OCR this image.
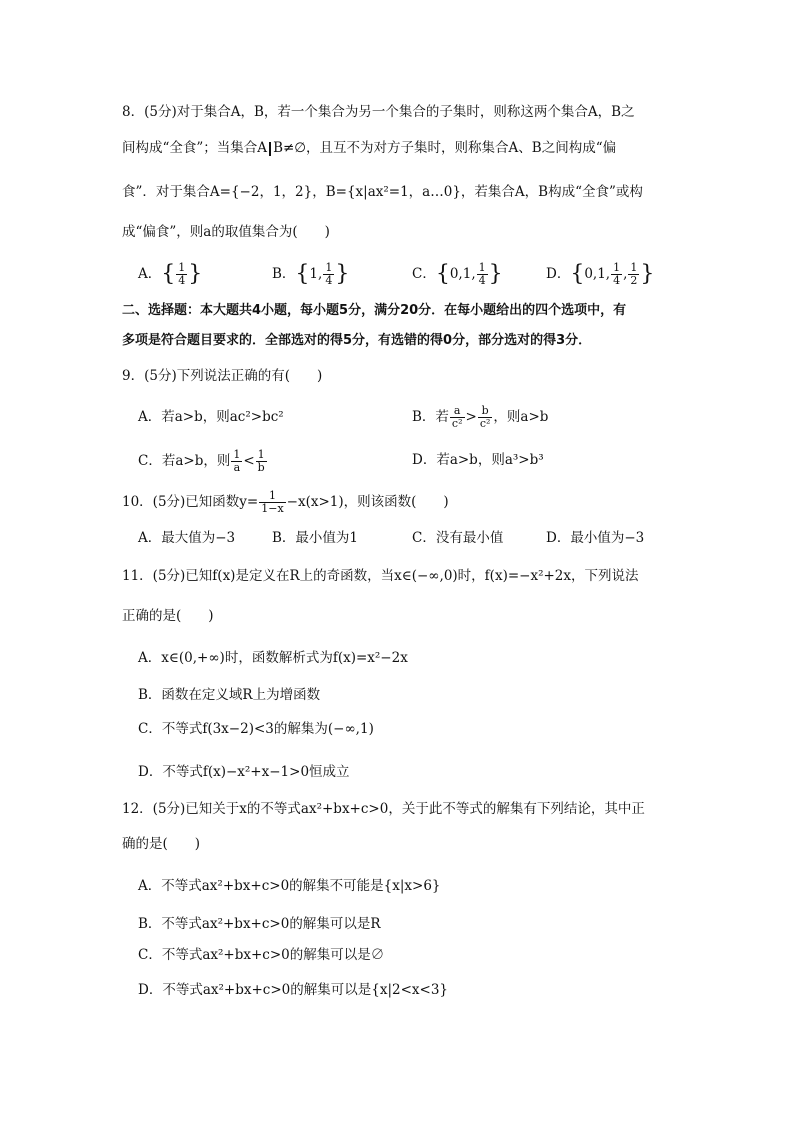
8．(5分)对于集合A，B，若一个集合为另一个集合的子集时，则称这两个集合A，B之
间构成“全食”；当集合A B≠∅，且互不为对方子集时，则称集合A、B之间构成“偏
食”．对于集合A={−2，1，2}，B={x|ax²=1，a…0}，若集合A，B构成“全食”或构
成“偏食”，则a的取值集合为(　　)
A．{ $\frac{1}{4}$ }	B．{1, $\frac{1}{4}$ }	C．{0,1, $\frac{1}{4}$ }	D．{0,1, $\frac{1}{4}$ , $\frac{1}{2}$ }
二、选择题：本大题共4小题，每小题5分，满分20分．在每小题给出的四个选项中，有
多项是符合题目要求的．全部选对的得5分，有选错的得0分，部分选对的得3分．
9．(5分)下列说法正确的有(　　)
A．若a>b，则ac²>bc²	B．若 $\frac{a}{\text{c²}} > \frac{b}{\text{c²}}$ ，则a>b
C．若a>b，则 $\frac{1}{a} < \frac{1}{b}$	D．若a>b，则a³>b³
10．(5分)已知函数$y= \frac{1}{1-x} -x(x>1)$，则该函数(　　)
A．最大值为−3	B．最小值为1	C．没有最小值	D．最小值为−3
11．(5分)已知f(x)是定义在R上的奇函数，当x∈(−∞,0)时，f(x)=−x²+2x，下列说法
正确的是(　　)
A．x∈(0,+∞)时，函数解析式为f(x)=x²−2x
B．函数在定义域R上为增函数
C．不等式f(3x−2)<3的解集为(−∞,1)
D．不等式f(x)−x²+x−1>0恒成立
12．(5分)已知关于x的不等式ax²+bx+c>0，关于此不等式的解集有下列结论，其中正
确的是(　　)
A．不等式ax²+bx+c>0的解集不可能是{x|x>6}
B．不等式ax²+bx+c>0的解集可以是R
C．不等式ax²+bx+c>0的解集可以是∅
D．不等式ax²+bx+c>0的解集可以是{x|2<x<3}
